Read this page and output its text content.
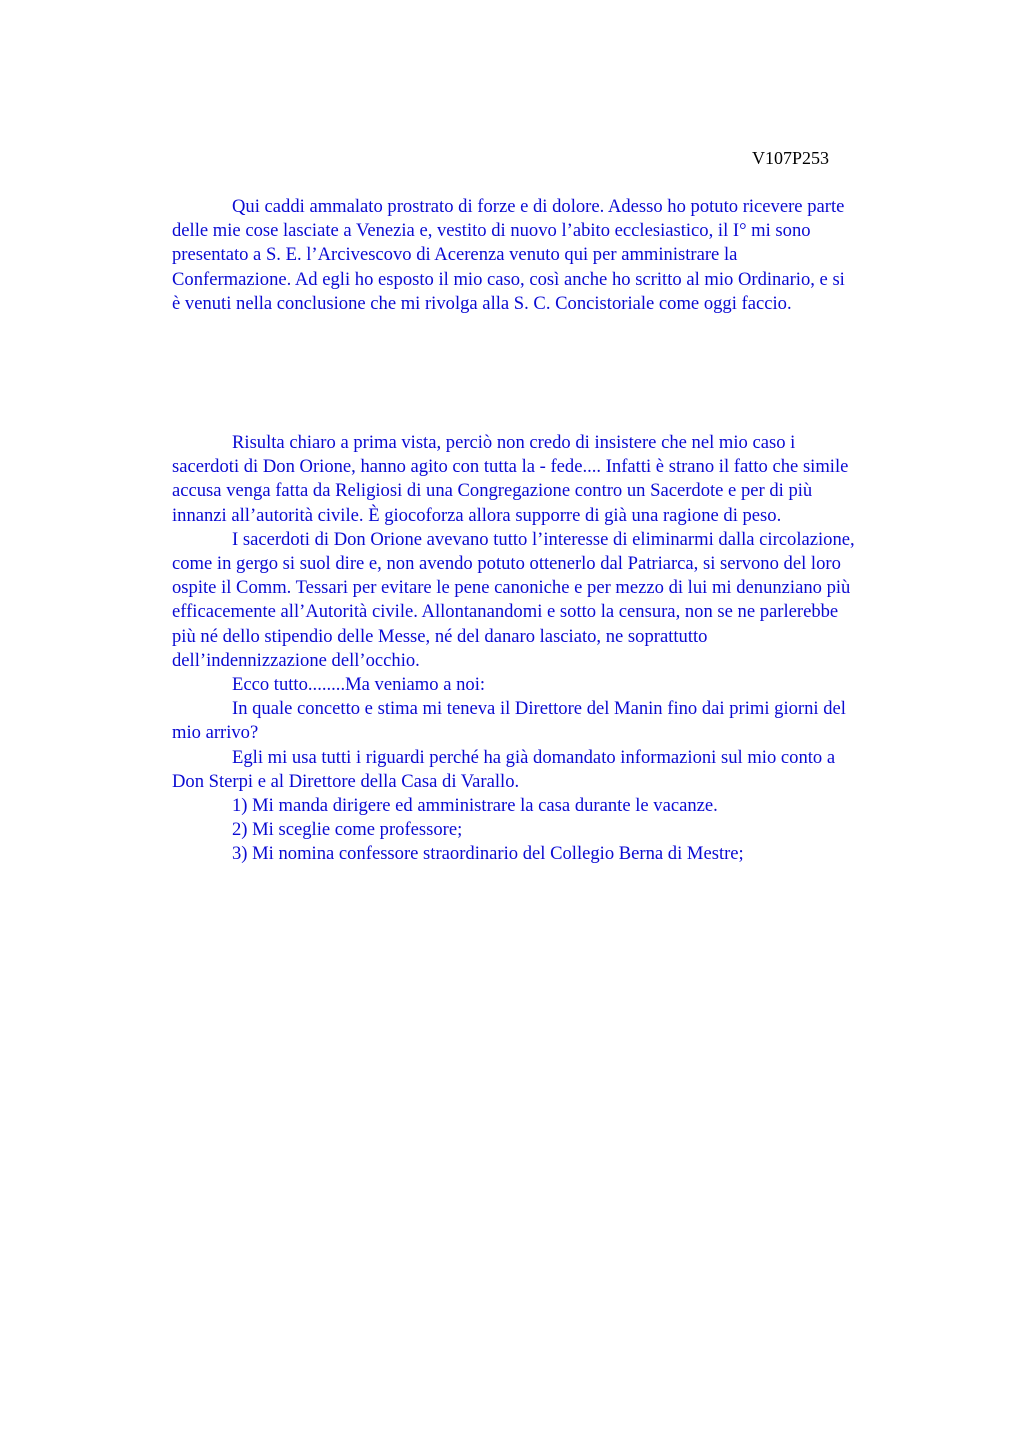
V107P253
Qui caddi ammalato prostrato di forze e di dolore. Adesso ho potuto ricevere parte
delle mie cose lasciate a Venezia e, vestito di nuovo l’abito ecclesiastico, il I° mi sono
presentato a S. E. l’Arcivescovo di Acerenza venuto qui per amministrare la
Confermazione. Ad egli ho esposto il mio caso, così anche ho scritto al mio Ordinario, e si
è venuti nella conclusione che mi rivolga alla S. C. Concistoriale come oggi faccio.
Risulta chiaro a prima vista, perciò non credo di insistere che nel mio caso i
sacerdoti di Don Orione, hanno agito con tutta la - fede.... Infatti è strano il fatto che simile
accusa venga fatta da Religiosi di una Congregazione contro un Sacerdote e per di più
innanzi all’autorità civile. È giocoforza allora supporre di già una ragione di peso.
I sacerdoti di Don Orione avevano tutto l’interesse di eliminarmi dalla circolazione,
come in gergo si suol dire e, non avendo potuto ottenerlo dal Patriarca, si servono del loro
ospite il Comm. Tessari per evitare le pene canoniche e per mezzo di lui mi denunziano più
efficacemente all’Autorità civile. Allontanandomi e sotto la censura, non se ne parlerebbe
più né dello stipendio delle Messe, né del danaro lasciato, ne soprattutto
dell’indennizzazione dell’occhio.
Ecco tutto........Ma veniamo a noi:
In quale concetto e stima mi teneva il Direttore del Manin fino dai primi giorni del
mio arrivo?
Egli mi usa tutti i riguardi perché ha già domandato informazioni sul mio conto a
Don Sterpi e al Direttore della Casa di Varallo.
1) Mi manda dirigere ed amministrare la casa durante le vacanze.
2) Mi sceglie come professore;
3) Mi nomina confessore straordinario del Collegio Berna di Mestre;
